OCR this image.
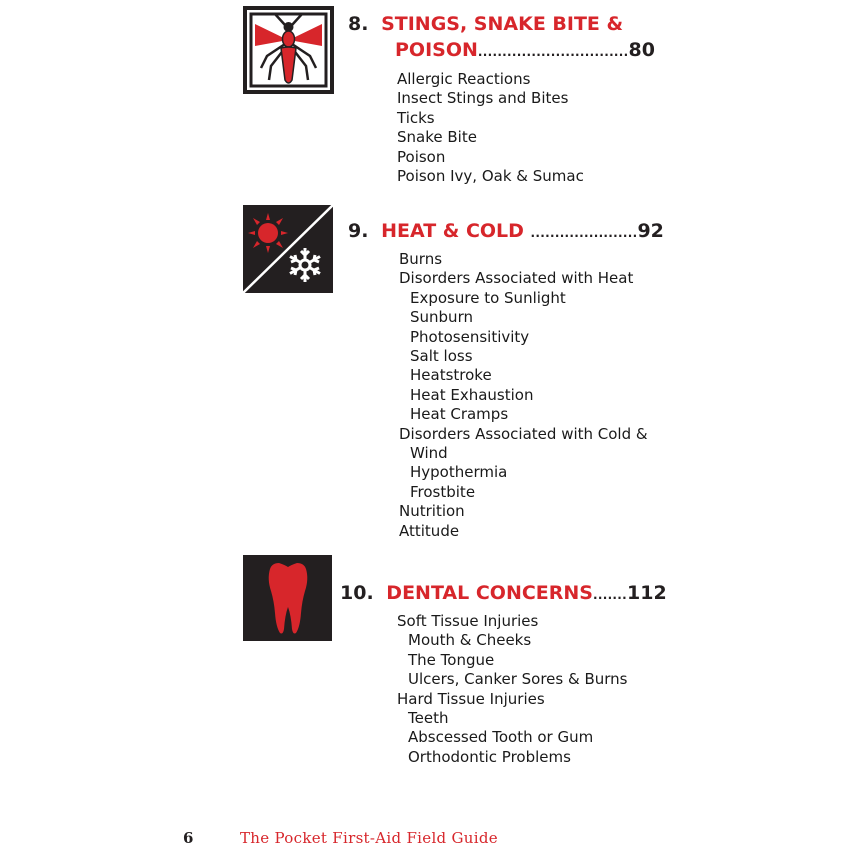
8. STINGS, SNAKE BITE &
POISON...............................80
Allergic Reactions
Insect Stings and Bites
Ticks
Snake Bite
Poison
Poison Ivy, Oak & Sumac
9. HEAT & COLD ......................92
Burns
Disorders Associated with Heat
Exposure to Sunlight
Sunburn
Photosensitivity
Salt loss
Heatstroke
Heat Exhaustion
Heat Cramps
Disorders Associated with Cold &
Wind
Hypothermia
Frostbite
Nutrition
Attitude
10. DENTAL CONCERNS.......112
Soft Tissue Injuries
Mouth & Cheeks
The Tongue
Ulcers, Canker Sores & Burns
Hard Tissue Injuries
Teeth
Abscessed Tooth or Gum
Orthodontic Problems
6	The Pocket First-Aid Field Guide
